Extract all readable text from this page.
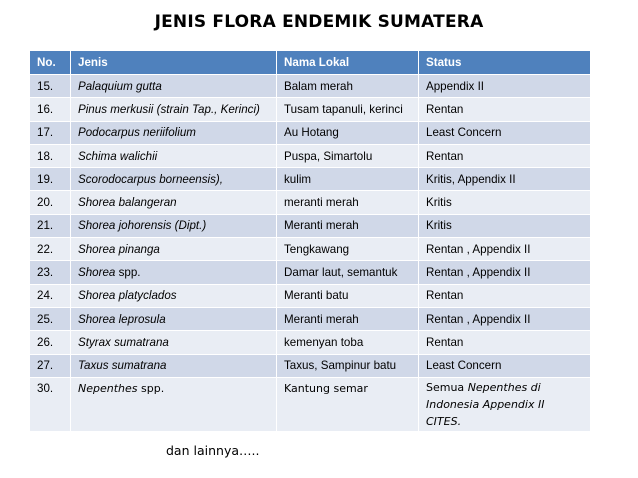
JENIS FLORA ENDEMIK SUMATERA
No.	Jenis	Nama Lokal	Status
15.	Palaquium gutta	Balam merah	Appendix II
16.	Pinus merkusii (strain Tap., Kerinci)	Tusam tapanuli, kerinci	Rentan
17.	Podocarpus neriifolium	Au Hotang	Least Concern
18.	Schima walichii	Puspa, Simartolu	Rentan
19.	Scorodocarpus borneensis),	kulim	Kritis, Appendix II
20.	Shorea balangeran	meranti merah	Kritis
21.	Shorea johorensis (Dipt.)	Meranti merah	Kritis
22.	Shorea pinanga	Tengkawang	Rentan , Appendix II
23.	Shorea spp.	Damar laut, semantuk	Rentan , Appendix II
24.	Shorea platyclados	Meranti batu	Rentan
25.	Shorea leprosula	Meranti merah	Rentan , Appendix II
26.	Styrax sumatrana	kemenyan toba	Rentan
27.	Taxus sumatrana	Taxus, Sampinur batu	Least Concern
30.	Nepenthes spp.	Kantung semar	Semua Nepenthes di Indonesia Appendix II CITES.
dan lainnya…..
